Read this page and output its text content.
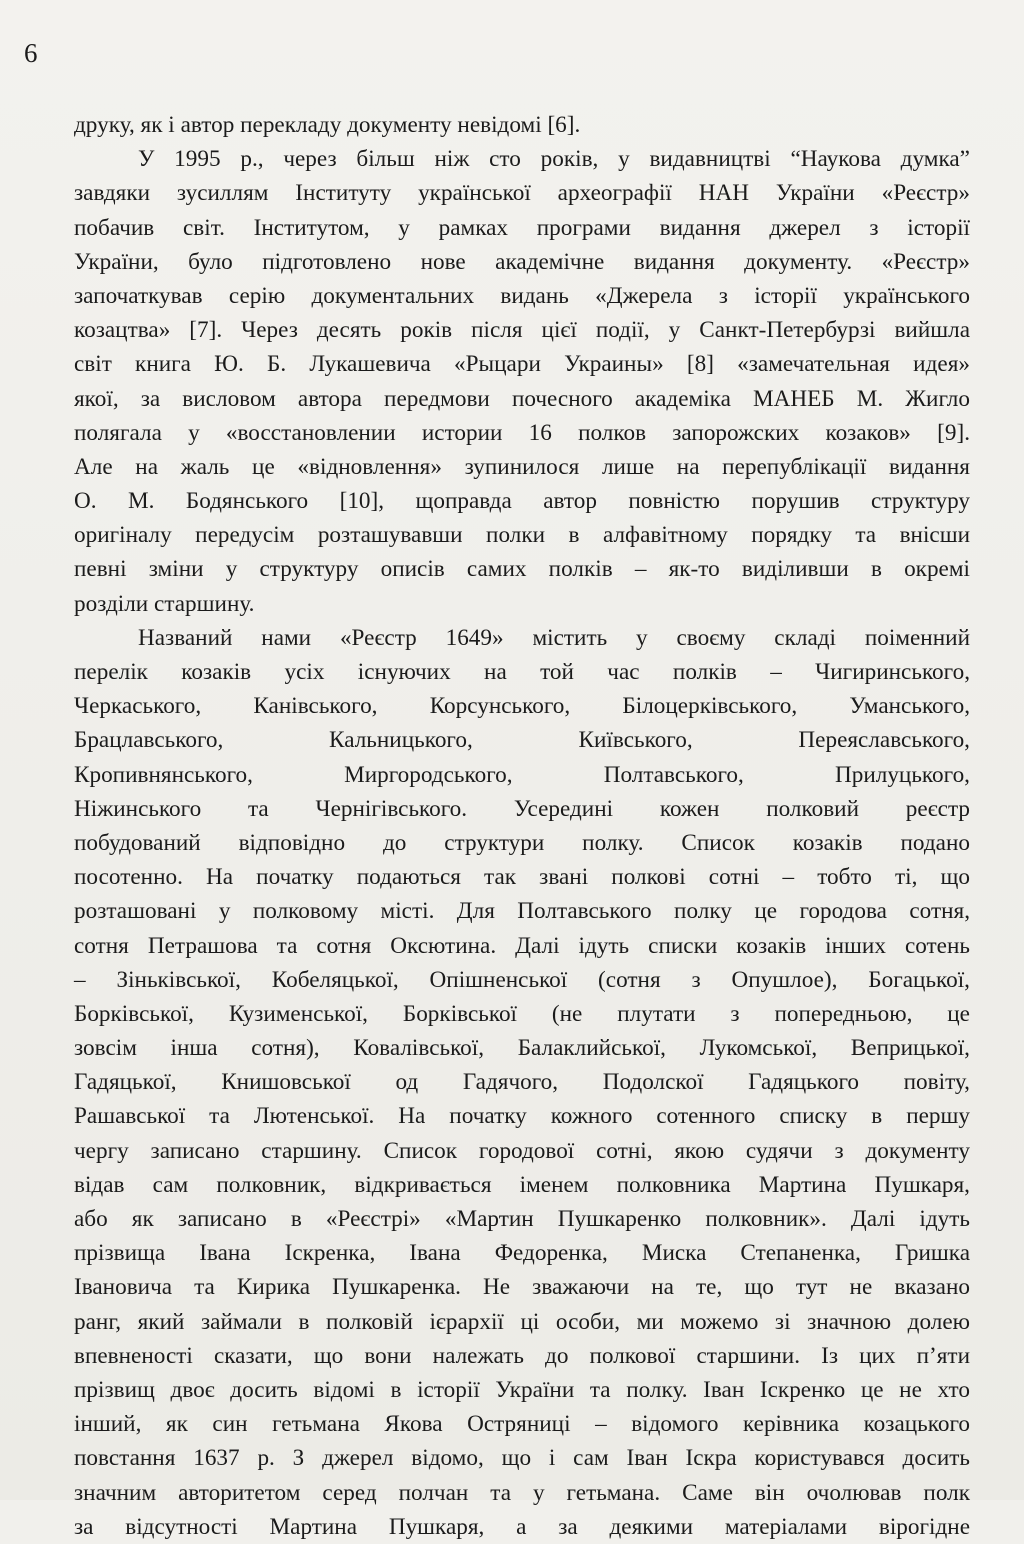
6
друку, як і автор перекладу документу невідомі [6].
У 1995 р., через більш ніж сто років, у видавництві “Наукова думка”
завдяки зусиллям Інституту української археографії НАН України «Реєстр»
побачив світ. Інститутом, у рамках програми видання джерел з історії
України, було підготовлено нове академічне видання документу. «Реєстр»
започаткував серію документальних видань «Джерела з історії українського
козацтва» [7]. Через десять років після цієї події, у Санкт-Петербурзі вийшла
світ книга Ю. Б. Лукашевича «Рыцари Украины» [8] «замечательная идея»
якої, за висловом автора передмови почесного академіка МАНЕБ М. Жигло
полягала у «восстановлении истории 16 полков запорожских козаков» [9].
Але на жаль це «відновлення» зупинилося лише на перепублікації видання
О. М. Бодянського [10], щоправда автор повністю порушив структуру
оригіналу передусім розташувавши полки в алфавітному порядку та внісши
певні зміни у структуру описів самих полків – як-то виділивши в окремі
розділи старшину.
Названий нами «Реєстр 1649» містить у своєму складі поіменний
перелік козаків усіх існуючих на той час полків – Чигиринського,
Черкаського, Канівського, Корсунського, Білоцерківського, Уманського,
Брацлавського, Кальницького, Київського, Переяславського,
Кропивнянського, Миргородського, Полтавського, Прилуцького,
Ніжинського та Чернігівського. Усередині кожен полковий реєстр
побудований відповідно до структури полку. Список козаків подано
посотенно. На початку подаються так звані полкові сотні – тобто ті, що
розташовані у полковому місті. Для Полтавського полку це городова сотня,
сотня Петрашова та сотня Оксютина. Далі ідуть списки козаків інших сотень
– Зіньківської, Кобеляцької, Опішненської (сотня з Опушлое), Богацької,
Борківської, Кузименської, Борківської (не плутати з попередньою, це
зовсім інша сотня), Ковалівської, Балаклийської, Лукомської, Веприцької,
Гадяцької, Книшовської од Гадячого, Подолскої Гадяцького повіту,
Рашавської та Лютенської. На початку кожного сотенного списку в першу
чергу записано старшину. Список городової сотні, якою судячи з документу
відав сам полковник, відкривається іменем полковника Мартина Пушкаря,
або як записано в «Реєстрі» «Мартин Пушкаренко полковник». Далі ідуть
прізвища Івана Іскренка, Івана Федоренка, Миска Степаненка, Гришка
Івановича та Кирика Пушкаренка. Не зважаючи на те, що тут не вказано
ранг, який займали в полковій ієрархії ці особи, ми можемо зі значною долею
впевненості сказати, що вони належать до полкової старшини. Із цих п’яти
прізвищ двоє досить відомі в історії України та полку. Іван Іскренко це не хто
інший, як син гетьмана Якова Остряниці – відомого керівника козацького
повстання 1637 р. З джерел відомо, що і сам Іван Іскра користувався досить
значним авторитетом серед полчан та у гетьмана. Саме він очолював полк
за відсутності Мартина Пушкаря, а за деякими матеріалами вірогідне
